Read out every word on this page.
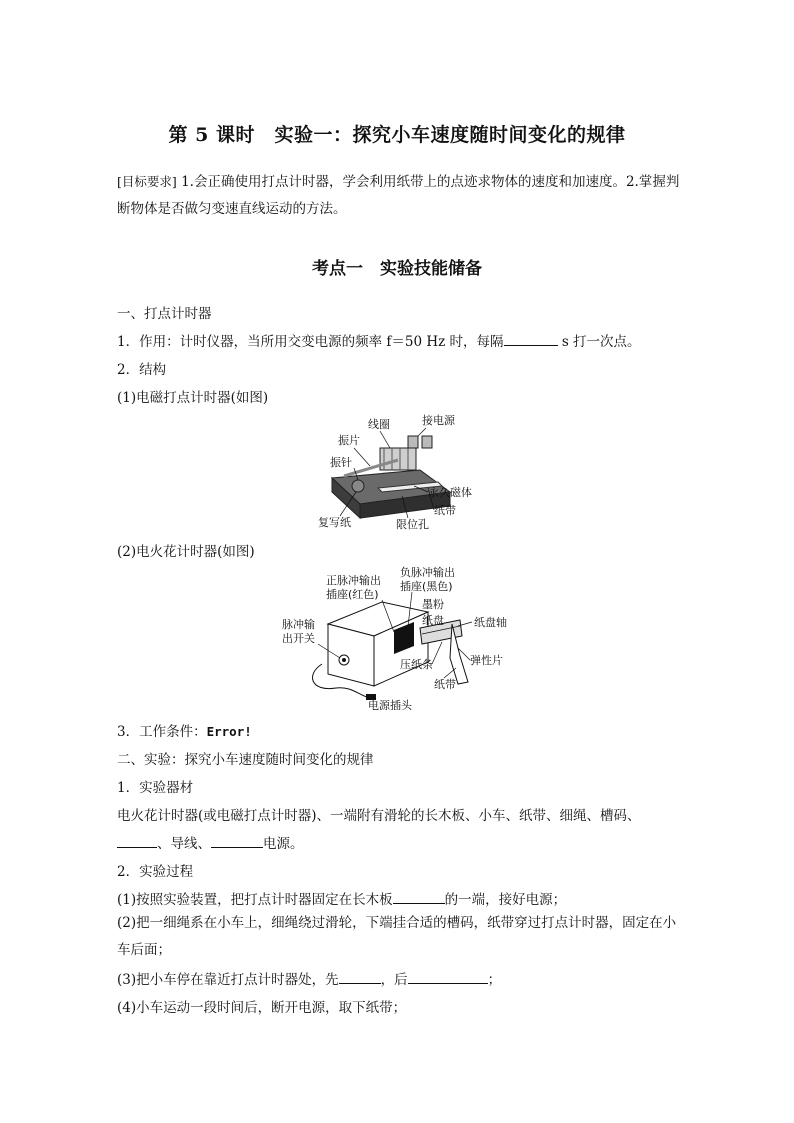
第 5 课时　实验一：探究小车速度随时间变化的规律
[目标要求] 1.会正确使用打点计时器，学会利用纸带上的点迹求物体的速度和加速度。2.掌握判断物体是否做匀变速直线运动的方法。
考点一　实验技能储备
一、打点计时器
1．作用：计时仪器，当所用交变电源的频率 f＝50 Hz 时，每隔	s 打一次点。
2．结构
(1)电磁打点计时器(如图)
线圈	接电源
振片
振针
永久磁体
纸带
复写纸	限位孔
(2)电火花计时器(如图)
正脉冲输出
插座(红色)
负脉冲输出
插座(黑色)
墨粉
纸盘	纸盘轴
脉冲输
出开关
压纸条	弹性片
纸带
电源插头
3．工作条件：Error!
二、实验：探究小车速度随时间变化的规律
1．实验器材
电火花计时器(或电磁打点计时器)、一端附有滑轮的长木板、小车、纸带、细绳、槽码、
、导线、	电源。
2．实验过程
(1)按照实验装置，把打点计时器固定在长木板	的一端，接好电源；
(2)把一细绳系在小车上，细绳绕过滑轮，下端挂合适的槽码，纸带穿过打点计时器，固定在小车后面；
(3)把小车停在靠近打点计时器处，先	，后	；
(4)小车运动一段时间后，断开电源，取下纸带；
